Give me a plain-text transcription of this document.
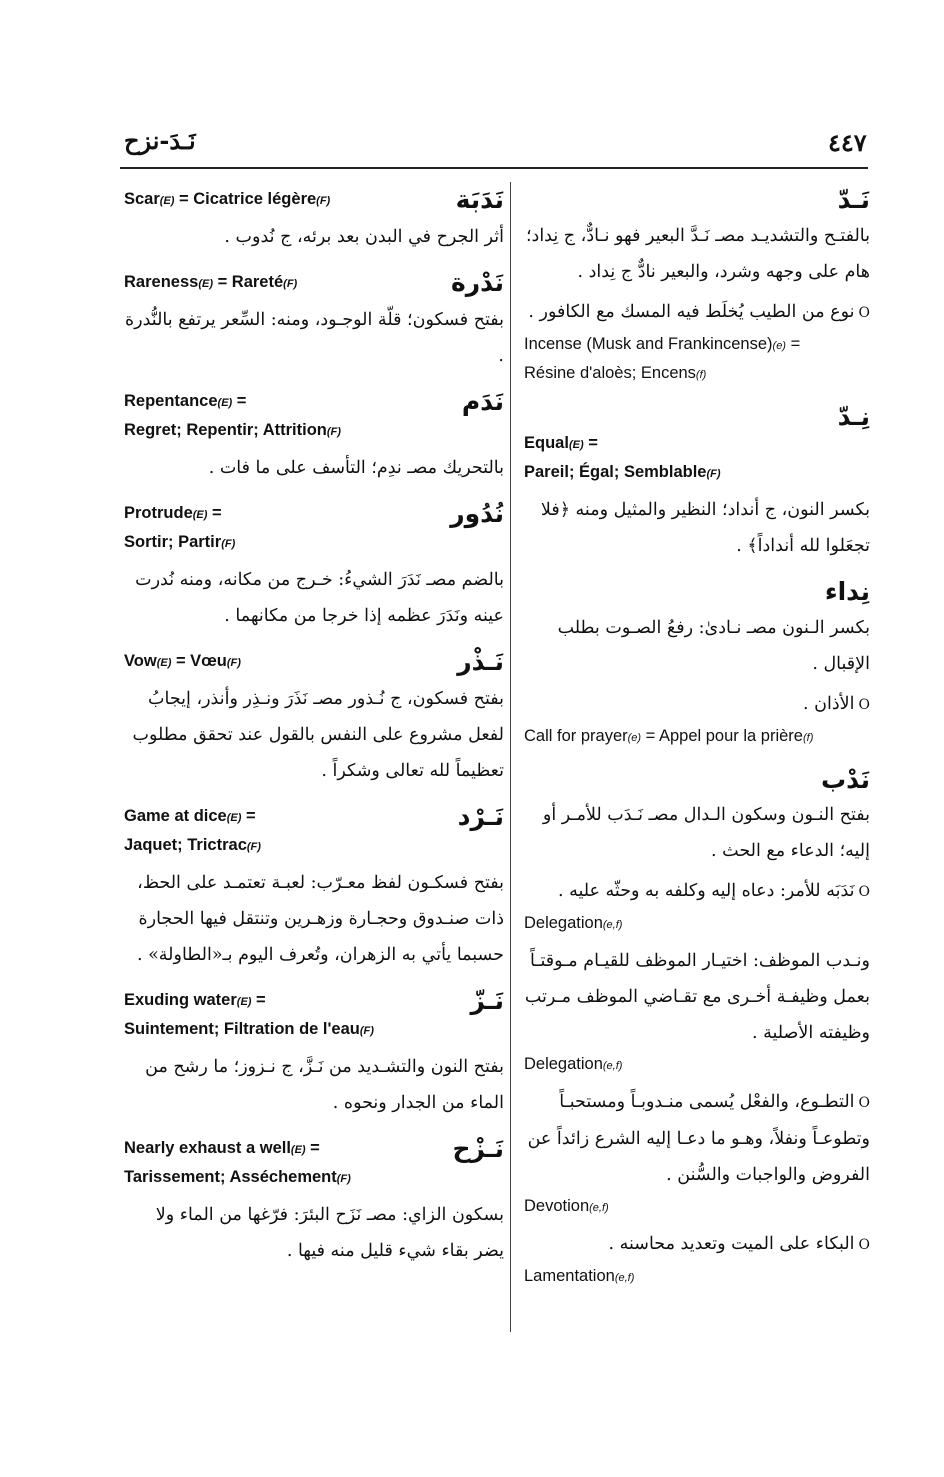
٤٤٧
نَـدَ-نزح
Scar(E) = Cicatrice légère(F)	نَدَبَة
أثر الجرح في البدن بعد برئه، ج نُدوب .
Rareness(E) = Rareté(F)	نَدْرة
بفتح فسكون؛ قلّة الوجـود، ومنه: السِّعر يرتفع بالنُّدرة .
Repentance(E) =
Regret; Repentir; Attrition(F)
نَدَم
بالتحريك مصـ ندِم؛ التأسف على ما فات .
Protrude(E) =
Sortir; Partir(F)
نُدُور
بالضم مصـ نَدَرَ الشيءُ: خـرج من مكانه، ومنه نُدرت عينه ونَدَرَ عظمه إذا خرجا من مكانهما .
Vow(E) = Vœu(F)	نَـذْر
بفتح فسكون، ج نُـذور مصـ نَذَرَ ونـذِر وأنذر، إيجابُ لفعل مشروع على النفس بالقول عند تحقق مطلوب تعظيماً لله تعالى وشكراً .
Game at dice(E) =
Jaquet; Trictrac(F)
نَـرْد
بفتح فسكـون لفظ معـرّب: لعبـة تعتمـد على الحظ، ذات صنـدوق وحجـارة وزهـرين وتنتقل فيها الحجارة حسبما يأتي به الزهران، وتُعرف اليوم بـ«الطاولة» .
Exuding water(E) =
Suintement; Filtration de l'eau(F)
نَـزّ
بفتح النون والتشـديد من نَـزَّ، ج نـزوز؛ ما رشح من الماء من الجدار ونحوه .
Nearly exhaust a well(E) =
Tarissement; Asséchement(F)
نَـزْح
بسكون الزاي: مصـ نَزَح البئرَ: فرّغها من الماء ولا يضر بقاء شيء قليل منه فيها .
نَـدّ
بالفتـح والتشديـد مصـ نَـدَّ البعير فهو نـادٌّ، ج نِداد؛ هام على وجهه وشرد، والبعير نادٌّ ج نِداد .
Oنوع من الطيب يُخلَط فيه المسك مع الكافور .
Incense (Musk and Frankincense)(e) =
Résine d'aloès; Encens(f)
نِـدّ
Equal(E) =
Pareil; Égal; Semblable(F)
بكسر النون، ج أنداد؛ النظير والمثيل ومنه ﴿فلا تجعَلوا لله أنداداً﴾ .
نِداء
بكسر الـنون مصـ نـادىٰ: رفعُ الصـوت بطلب الإقبال .
Oالأذان .
Call for prayer(e) = Appel pour la prière(f)
نَدْب
بفتح النـون وسكون الـدال مصـ نَـدَب للأمـر أو إليه؛ الدعاء مع الحث .
Oنَدَبَه للأمر: دعاه إليه وكلفه به وحثّه عليه .
Delegation(e,f)
ونـدب الموظف: اختيـار الموظف للقيـام مـوقتـاً بعمل وظيفـة أخـرى مع تقـاضي الموظف مـرتب وظيفته الأصلية .
Delegation(e,f)
Oالتطـوع، والفعْل يُسمى منـدوبـاً ومستحبـاً وتطوعـاً ونفلاً، وهـو ما دعـا إليه الشرع زائداً عن الفروض والواجبات والسُّنن .
Devotion(e,f)
Oالبكاء على الميت وتعديد محاسنه .
Lamentation(e,f)
